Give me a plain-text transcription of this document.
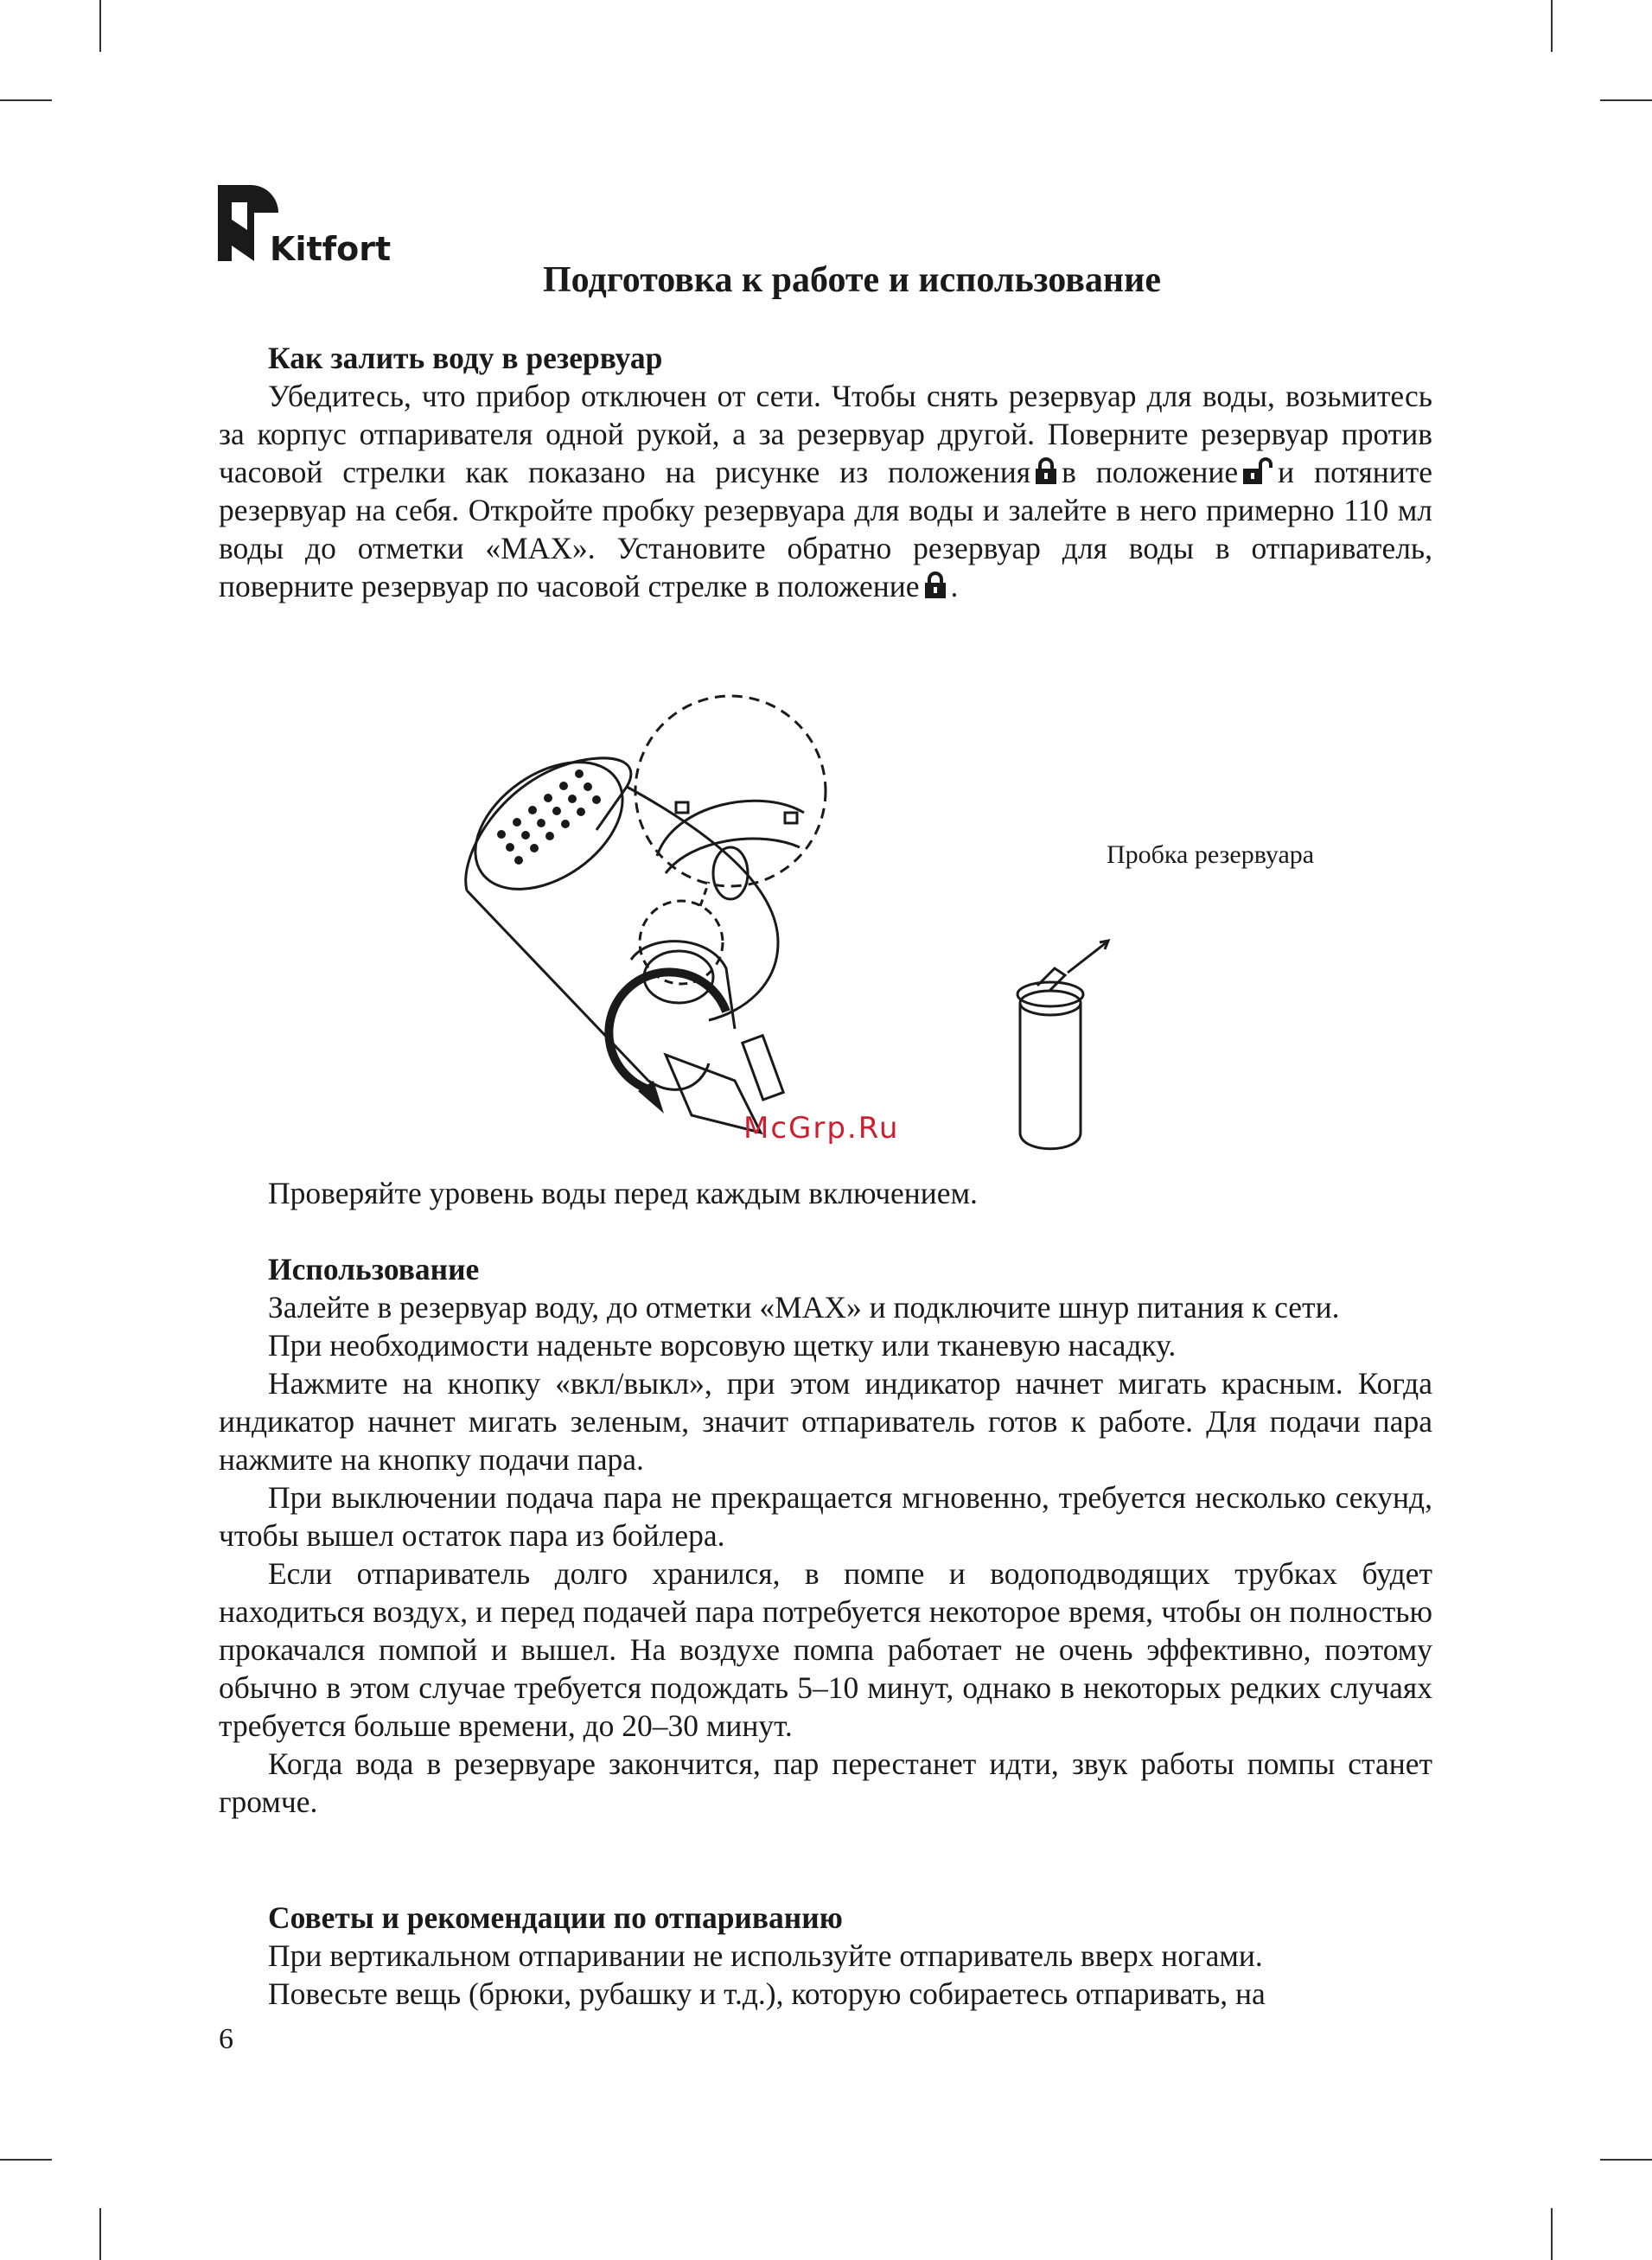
Kitfort
Подготовка к работе и использование
Как залить воду в резервуар

Убедитесь, что прибор отключен от сети. Чтобы снять резервуар для воды, возьмитесь за корпус отпаривателя одной рукой, а за резервуар другой. Поверните резервуар против часовой стрелки как показано на рисунке из положения в положение и потяните резервуар на себя. Откройте пробку резервуара для воды и залейте в него примерно 110 мл воды до отметки «MAX». Установите обратно резервуар для воды в отпариватель, поверните резервуар по часовой стрелке в положение .

Пробка резервуара
McGrp.Ru

Проверяйте уровень воды перед каждым включением.

Использование

Залейте в резервуар воду, до отметки «MAX» и подключите шнур питания к сети.

При необходимости наденьте ворсовую щетку или тканевую насадку.

Нажмите на кнопку «вкл/выкл», при этом индикатор начнет мигать красным. Когда индикатор начнет мигать зеленым, значит отпариватель готов к работе. Для подачи пара нажмите на кнопку подачи пара.

При выключении подача пара не прекращается мгновенно, требуется несколько секунд, чтобы вышел остаток пара из бойлера.

Если отпариватель долго хранился, в помпе и водоподводящих трубках будет находиться воздух, и перед подачей пара потребуется некоторое время, чтобы он полностью прокачался помпой и вышел. На воздухе помпа работает не очень эффективно, поэтому обычно в этом случае требуется подождать 5–10 минут, однако в некоторых редких случаях требуется больше времени, до 20–30 минут.

Когда вода в резервуаре закончится, пар перестанет идти, звук работы помпы станет громче.

Советы и рекомендации по отпариванию

При вертикальном отпаривании не используйте отпариватель вверх ногами.

Повесьте вещь (брюки, рубашку и т.д.), которую собираетесь отпаривать, на

6
